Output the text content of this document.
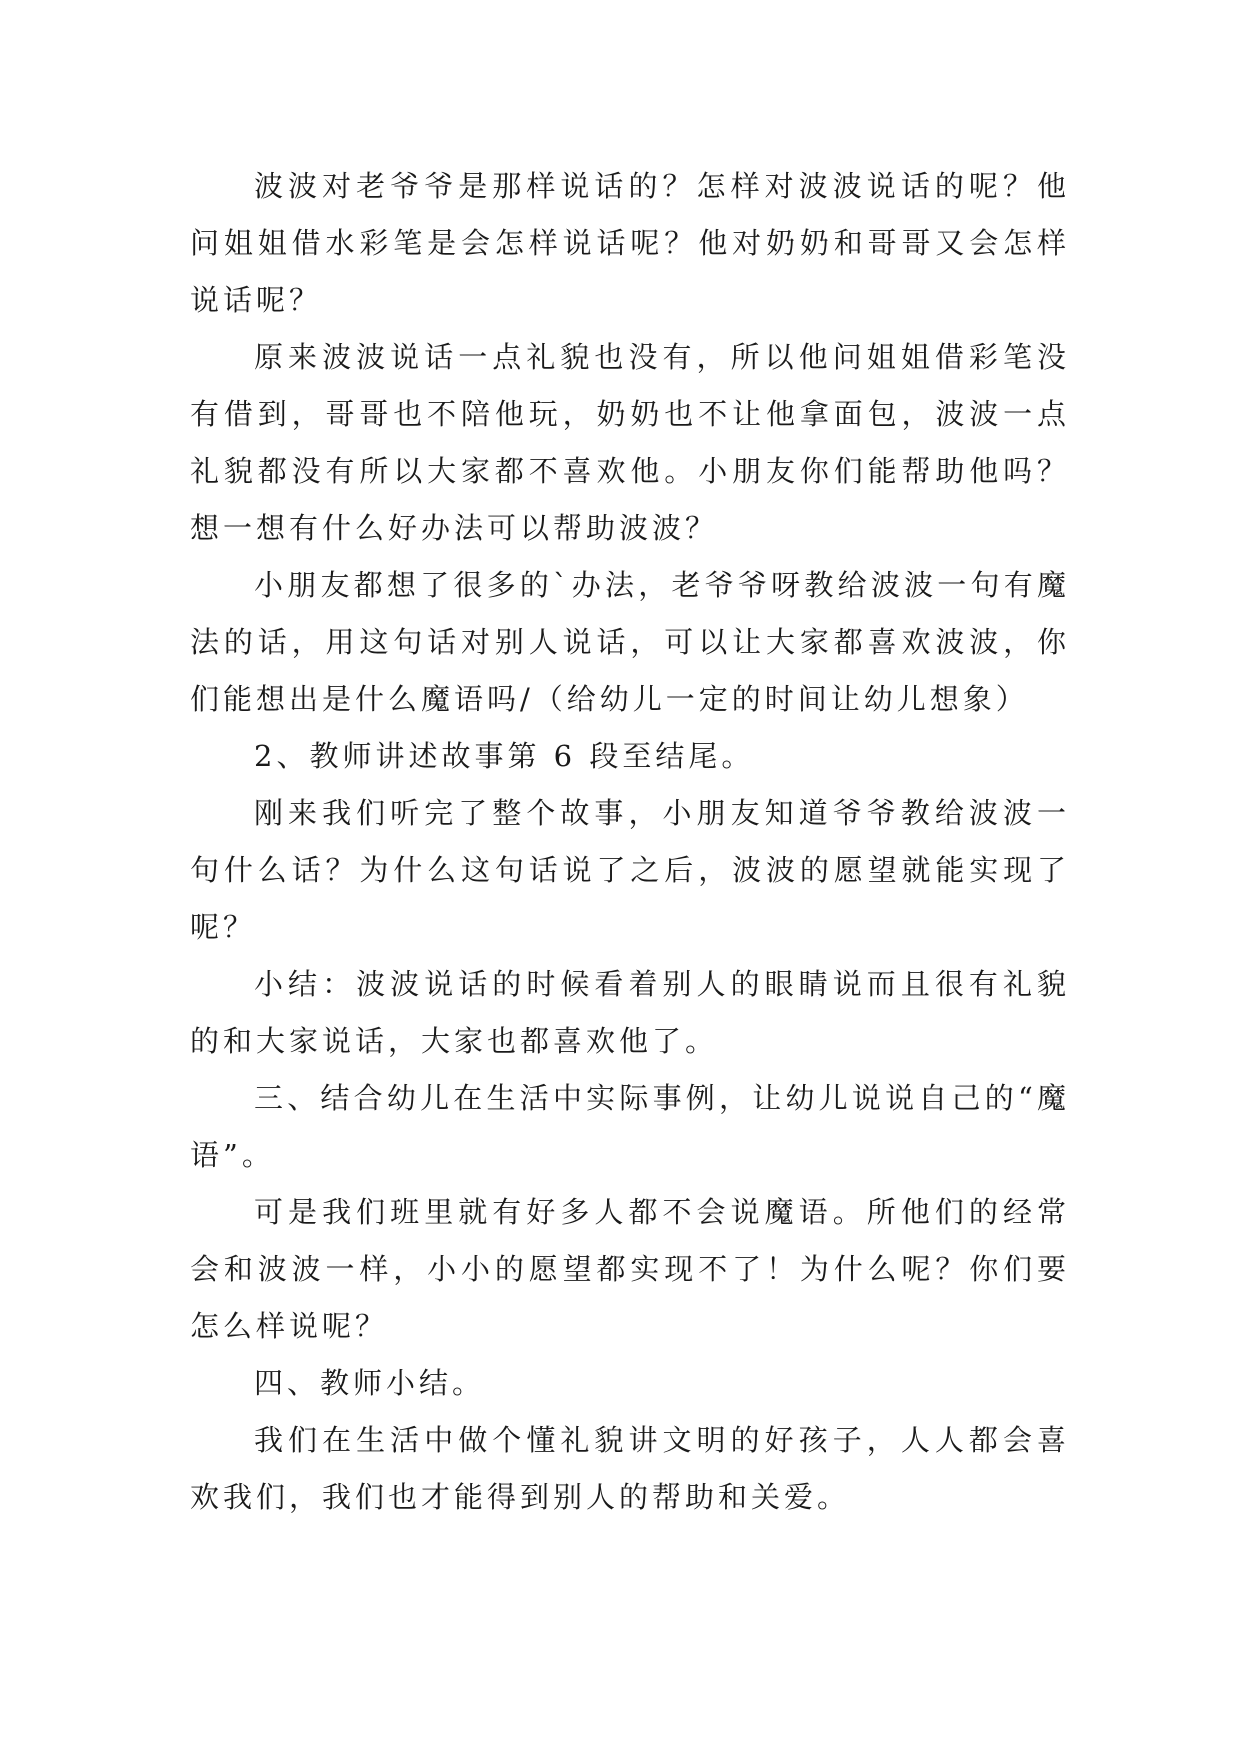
波波对老爷爷是那样说话的？怎样对波波说话的呢？他问姐姐借水彩笔是会怎样说话呢？他对奶奶和哥哥又会怎样说话呢？

原来波波说话一点礼貌也没有，所以他问姐姐借彩笔没有借到，哥哥也不陪他玩，奶奶也不让他拿面包，波波一点礼貌都没有所以大家都不喜欢他。小朋友你们能帮助他吗？想一想有什么好办法可以帮助波波？

小朋友都想了很多的`办法，老爷爷呀教给波波一句有魔法的话，用这句话对别人说话，可以让大家都喜欢波波，你们能想出是什么魔语吗/（给幼儿一定的时间让幼儿想象）

2、教师讲述故事第 6 段至结尾。

刚来我们听完了整个故事，小朋友知道爷爷教给波波一句什么话？为什么这句话说了之后，波波的愿望就能实现了呢？

小结：波波说话的时候看着别人的眼睛说而且很有礼貌的和大家说话，大家也都喜欢他了。

三、结合幼儿在生活中实际事例，让幼儿说说自己的“魔语”。

可是我们班里就有好多人都不会说魔语。所他们的经常会和波波一样，小小的愿望都实现不了！为什么呢？你们要怎么样说呢？

四、教师小结。

我们在生活中做个懂礼貌讲文明的好孩子，人人都会喜欢我们，我们也才能得到别人的帮助和关爱。
